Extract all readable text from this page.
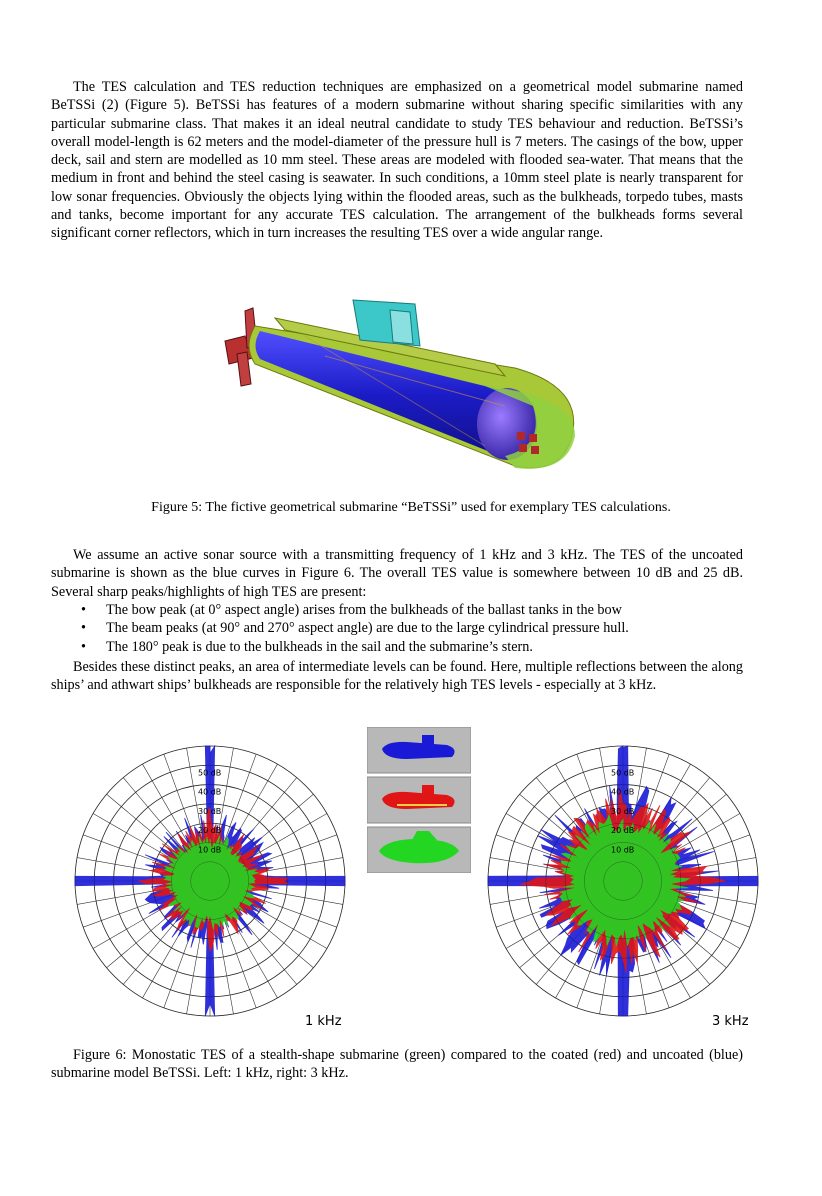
The TES calculation and TES reduction techniques are emphasized on a geometrical model submarine named BeTSSi (2) (Figure 5). BeTSSi has features of a modern submarine without sharing specific similarities with any particular submarine class. That makes it an ideal neutral candidate to study TES behaviour and reduction. BeTSSi’s overall model-length is 62 meters and the model-diameter of the pressure hull is 7 meters. The casings of the bow, upper deck, sail and stern are modelled as 10 mm steel. These areas are modeled with flooded sea-water. That means that the medium in front and behind the steel casing is seawater. In such conditions, a 10mm steel plate is nearly transparent for low sonar frequencies. Obviously the objects lying within the flooded areas, such as the bulkheads, torpedo tubes, masts and tanks, become important for any accurate TES calculation. The arrangement of the bulkheads forms several significant corner reflectors, which in turn increases the resulting TES over a wide angular range.

Figure 5: The fictive geometrical submarine “BeTSSi” used for exemplary TES calculations.

We assume an active sonar source with a transmitting frequency of 1 kHz and 3 kHz. The TES of the uncoated submarine is shown as the blue curves in Figure 6. The overall TES value is somewhere between 10 dB and 25 dB. Several sharp peaks/highlights of high TES are present:

• The bow peak (at 0° aspect angle) arises from the bulkheads of the ballast tanks in the bow
• The beam peaks (at 90° and 270° aspect angle) are due to the large cylindrical pressure hull.
• The 180° peak is due to the bulkheads in the sail and the submarine’s stern.

Besides these distinct peaks, an area of intermediate levels can be found. Here, multiple reflections between the along ships’ and athwart ships’ bulkheads are responsible for the relatively high TES levels - especially at 3 kHz.

10 dB
20 dB
30 dB
40 dB
50 dB
1 kHz
10 dB
20 dB
30 dB
40 dB
50 dB
3 kHz

Figure 6: Monostatic TES of a stealth-shape submarine (green) compared to the coated (red) and uncoated (blue) submarine model BeTSSi. Left: 1 kHz, right: 3 kHz.
